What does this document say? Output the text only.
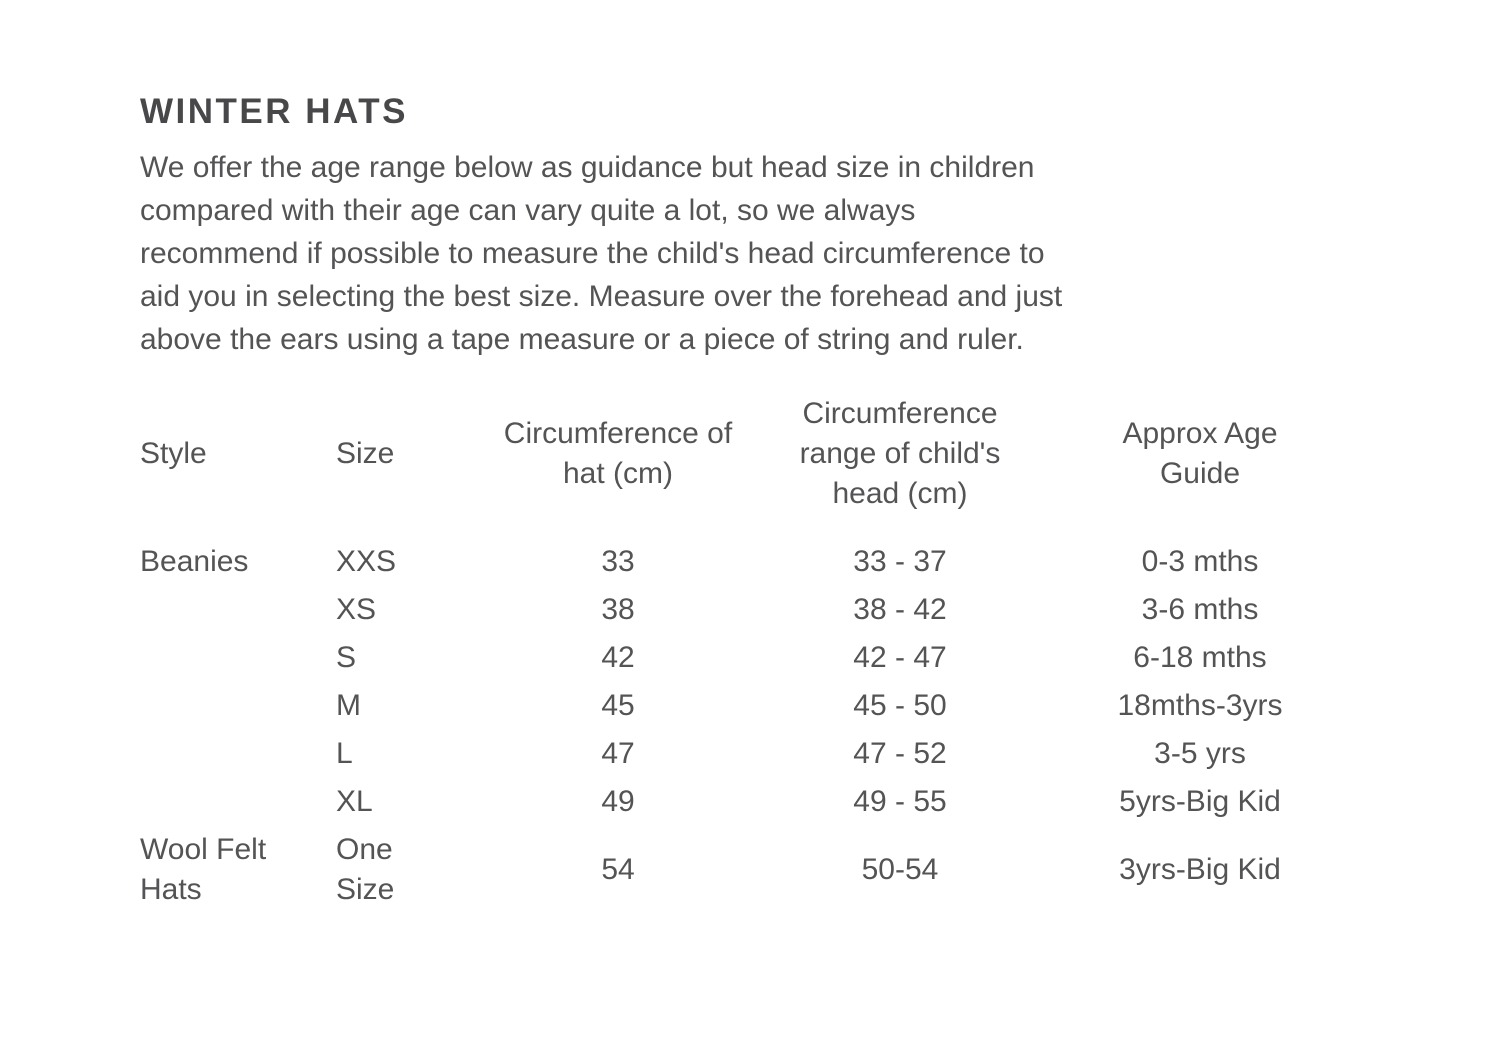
WINTER HATS
We offer the age range below as guidance but head size in children
compared with their age can vary quite a lot, so we always
recommend if possible to measure the child's head circumference to
aid you in selecting the best size. Measure over the forehead and just
above the ears using a tape measure or a piece of string and ruler.
Style	Size	Circumference of hat (cm)	Circumference range of child's head (cm)	Approx Age Guide
Beanies	XXS	33	33 - 37	0-3 mths
	XS	38	38 - 42	3-6 mths
	S	42	42 - 47	6-18 mths
	M	45	45 - 50	18mths-3yrs
	L	47	47 - 52	3-5 yrs
	XL	49	49 - 55	5yrs-Big Kid
Wool Felt Hats	One Size	54	50-54	3yrs-Big Kid
